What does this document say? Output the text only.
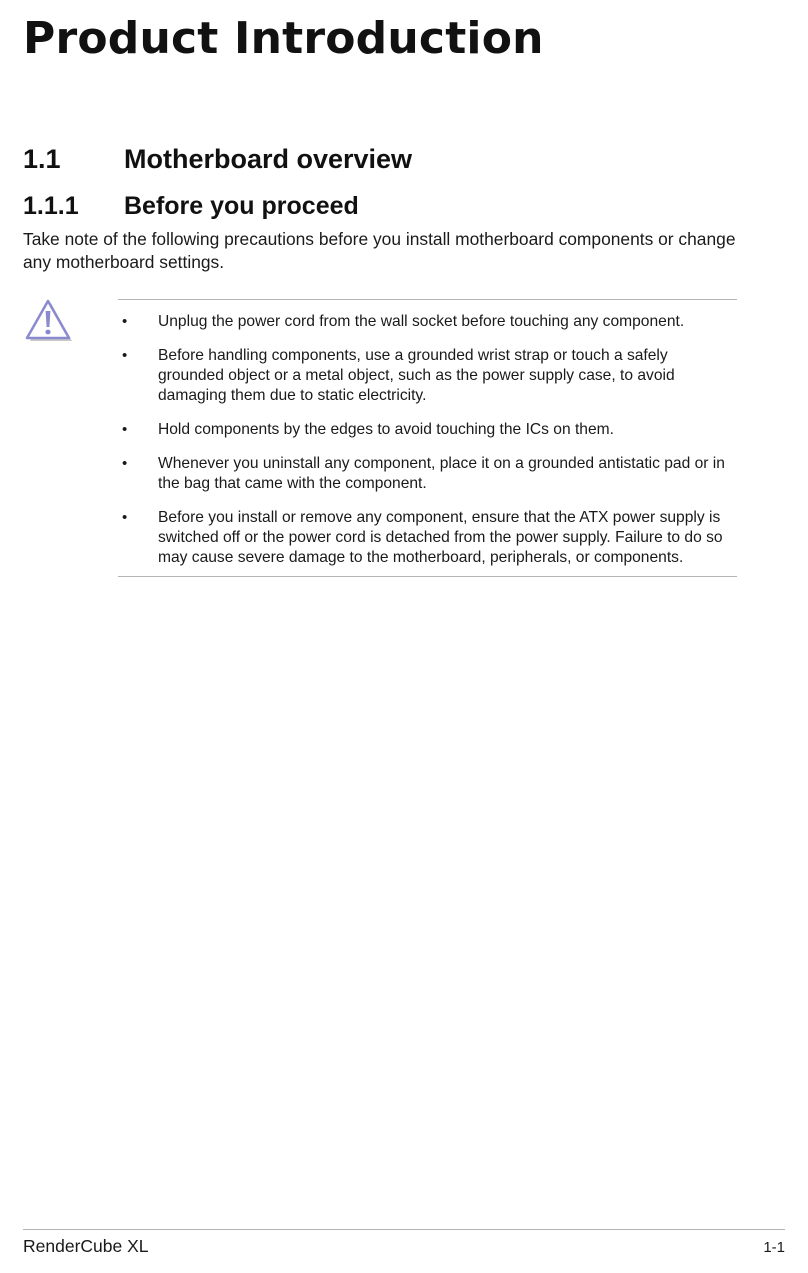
Product Introduction
1.1 Motherboard overview
1.1.1 Before you proceed

Take note of the following precautions before you install motherboard components or change any motherboard settings.

• Unplug the power cord from the wall socket before touching any component.
• Before handling components, use a grounded wrist strap or touch a safely grounded object or a metal object, such as the power supply case, to avoid damaging them due to static electricity.
• Hold components by the edges to avoid touching the ICs on them.
• Whenever you uninstall any component, place it on a grounded antistatic pad or in the bag that came with the component.
• Before you install or remove any component, ensure that the ATX power supply is switched off or the power cord is detached from the power supply. Failure to do so may cause severe damage to the motherboard, peripherals, or components.
RenderCube XL	1-1
